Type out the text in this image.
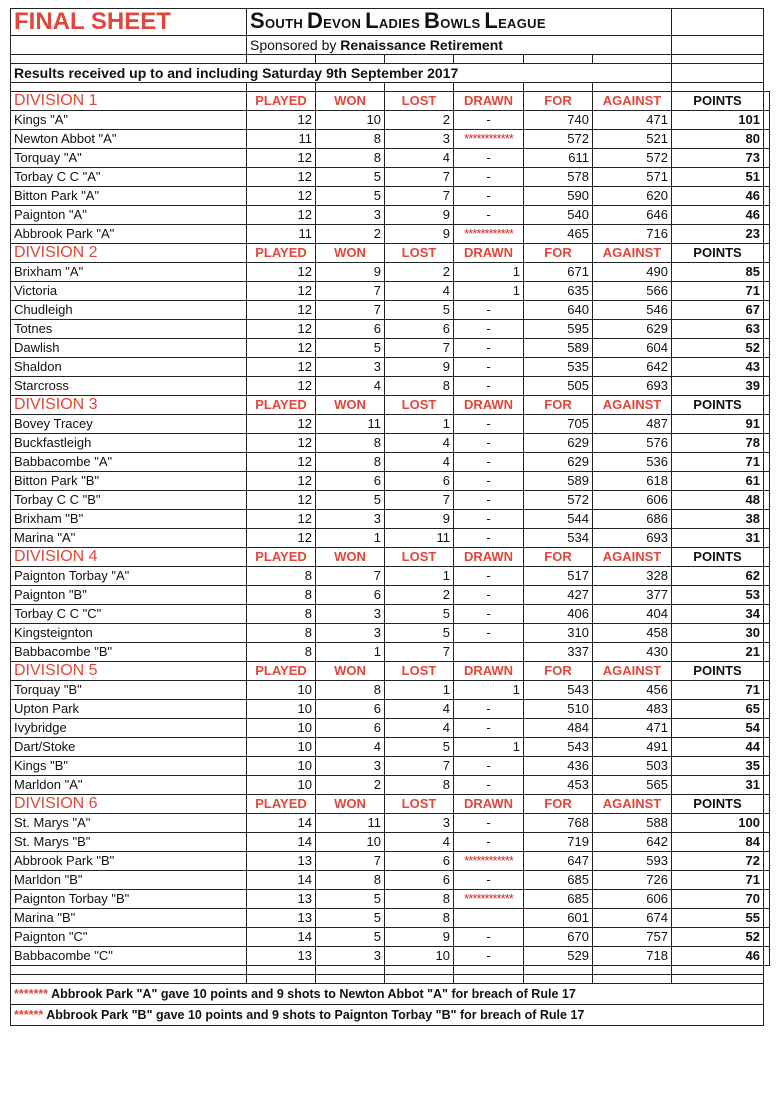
FINAL SHEET	SOUTH DEVON LADIES BOWLS LEAGUE							
	Sponsored by Renaissance Retirement							

Results received up to and including Saturday 9th September 2017								

DIVISION 1	PLAYED	WON	LOST	DRAWN	FOR	AGAINST	POINTS	
Kings "A"	12	10	2	-	740	471	101	
Newton Abbot "A"	11	8	3	************	572	521	80	
Torquay "A"	12	8	4	-	611	572	73	
Torbay C C "A"	12	5	7	-	578	571	51	
Bitton Park "A"	12	5	7	-	590	620	46	
Paignton "A"	12	3	9	-	540	646	46	
Abbrook Park "A"	11	2	9	************	465	716	23	
DIVISION 2	PLAYED	WON	LOST	DRAWN	FOR	AGAINST	POINTS	
Brixham "A"	12	9	2	1	671	490	85	
Victoria	12	7	4	1	635	566	71	
Chudleigh	12	7	5	-	640	546	67	
Totnes	12	6	6	-	595	629	63	
Dawlish	12	5	7	-	589	604	52	
Shaldon	12	3	9	-	535	642	43	
Starcross	12	4	8	-	505	693	39	
DIVISION 3	PLAYED	WON	LOST	DRAWN	FOR	AGAINST	POINTS	
Bovey Tracey	12	11	1	-	705	487	91	
Buckfastleigh	12	8	4	-	629	576	78	
Babbacombe "A"	12	8	4	-	629	536	71	
Bitton Park "B"	12	6	6	-	589	618	61	
Torbay C C "B"	12	5	7	-	572	606	48	
Brixham "B"	12	3	9	-	544	686	38	
Marina "A"	12	1	11	-	534	693	31	
DIVISION 4	PLAYED	WON	LOST	DRAWN	FOR	AGAINST	POINTS	
Paignton Torbay "A"	8	7	1	-	517	328	62	
Paignton "B"	8	6	2	-	427	377	53	
Torbay C C "C"	8	3	5	-	406	404	34	
Kingsteignton	8	3	5	-	310	458	30	
Babbacombe "B"	8	1	7		337	430	21	
DIVISION 5	PLAYED	WON	LOST	DRAWN	FOR	AGAINST	POINTS	
Torquay "B"	10	8	1	1	543	456	71	
Upton Park	10	6	4	-	510	483	65	
Ivybridge	10	6	4	-	484	471	54	
Dart/Stoke	10	4	5	1	543	491	44	
Kings "B"	10	3	7	-	436	503	35	
Marldon "A"	10	2	8	-	453	565	31	
DIVISION 6	PLAYED	WON	LOST	DRAWN	FOR	AGAINST	POINTS	
St. Marys "A"	14	11	3	-	768	588	100	
St. Marys "B"	14	10	4	-	719	642	84	
Abbrook Park "B"	13	7	6	************	647	593	72	
Marldon "B"	14	8	6	-	685	726	71	
Paignton Torbay "B"	13	5	8	************	685	606	70	
Marina "B"	13	5	8		601	674	55	
Paignton "C"	14	5	9	-	670	757	52	
Babbacombe "C"	13	3	10	-	529	718	46	

******* Abbrook Park "A" gave 10 points and 9 shots to Newton Abbot "A" for breach of Rule 17								
****** Abbrook Park "B" gave 10 points and 9 shots to Paignton Torbay "B" for breach of Rule 17								
